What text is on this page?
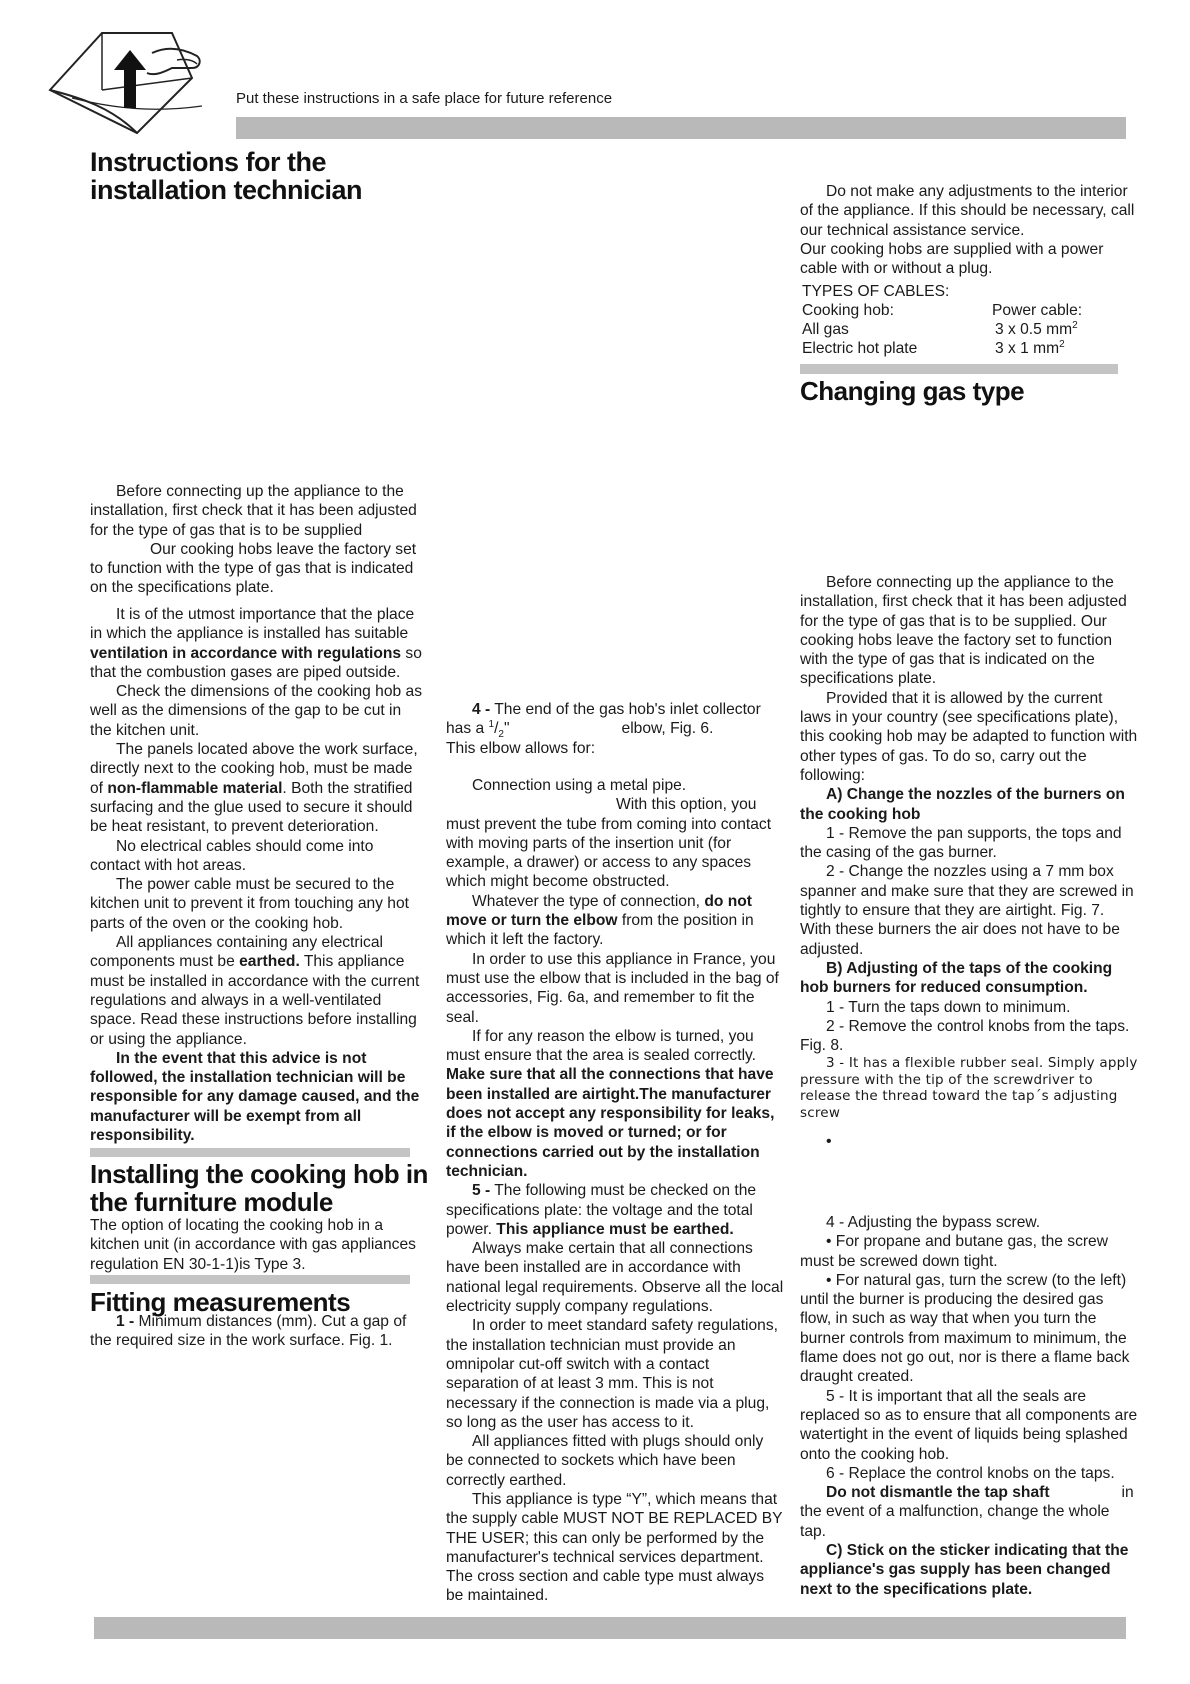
Put these instructions in a safe place for future reference
Instructions for the
installation technician

Before connecting up the appliance to the installation, first check that it has been adjusted for the type of gas that is to be supplied

Our cooking hobs leave the factory set to function with the type of gas that is indicated on the specifications plate.

It is of the utmost importance that the place in which the appliance is installed has suitable ventilation in accordance with regulations so that the combustion gases are piped outside.

Check the dimensions of the cooking hob as well as the dimensions of the gap to be cut in the kitchen unit.

The panels located above the work surface, directly next to the cooking hob, must be made of non-flammable material. Both the stratified surfacing and the glue used to secure it should be heat resistant, to prevent deterioration.

No electrical cables should come into contact with hot areas.

The power cable must be secured to the kitchen unit to prevent it from touching any hot parts of the oven or the cooking hob.

All appliances containing any electrical components must be earthed. This appliance must be installed in accordance with the current regulations and always in a well-ventilated space. Read these instructions before installing or using the appliance.

In the event that this advice is not followed, the installation technician will be responsible for any damage caused, and the manufacturer will be exempt from all responsibility.

Installing the cooking hob in
the furniture module

The option of locating the cooking hob in a kitchen unit (in accordance with gas appliances regulation EN 30-1-1)is Type 3.

Fitting measurements

1 - Minimum distances (mm). Cut a gap of the required size in the work surface. Fig. 1.

4 - The end of the gas hob's inlet collector

has a $^1/_2$"	elbow, Fig. 6.

This elbow allows for:

Connection using a metal pipe.

With this option, you

must prevent the tube from coming into contact with moving parts of the insertion unit (for example, a drawer) or access to any spaces which might become obstructed.

Whatever the type of connection, do not move or turn the elbow from the position in which it left the factory.

In order to use this appliance in France, you must use the elbow that is included in the bag of accessories, Fig. 6a, and remember to fit the seal.

If for any reason the elbow is turned, you must ensure that the area is sealed correctly.

Make sure that all the connections that have been installed are airtight.The manufacturer does not accept any responsibility for leaks, if the elbow is moved or turned; or for connections carried out by the installation technician.

5 - The following must be checked on the specifications plate: the voltage and the total power. This appliance must be earthed.

Always make certain that all connections have been installed are in accordance with national legal requirements. Observe all the local electricity supply company regulations.

In order to meet standard safety regulations, the installation technician must provide an omnipolar cut-off switch with a contact separation of at least 3 mm. This is not necessary if the connection is made via a plug, so long as the user has access to it.

All appliances fitted with plugs should only be connected to sockets which have been correctly earthed.

This appliance is type “Y”, which means that the supply cable MUST NOT BE REPLACED BY THE USER; this can only be performed by the manufacturer's technical services department. The cross section and cable type must always be maintained.

Do not make any adjustments to the interior of the appliance. If this should be necessary, call our technical assistance service.

Our cooking hobs are supplied with a power cable with or without a plug.

TYPES OF CABLES:
Cooking hob:	Power cable:
All gas	3 x 0.5 $mm^2$
Electric hot plate	3 x 1 $mm^2$
Changing gas type

Before connecting up the appliance to the installation, first check that it has been adjusted for the type of gas that is to be supplied. Our cooking hobs leave the factory set to function with the type of gas that is indicated on the specifications plate.

Provided that it is allowed by the current laws in your country (see specifications plate), this cooking hob may be adapted to function with other types of gas. To do so, carry out the following:

A) Change the nozzles of the burners on the cooking hob

1 - Remove the pan supports, the tops and the casing of the gas burner.

2 - Change the nozzles using a 7 mm box spanner and make sure that they are screwed in tightly to ensure that they are airtight. Fig. 7. With these burners the air does not have to be adjusted.

B) Adjusting of the taps of the cooking hob burners for reduced consumption.

1 - Turn the taps down to minimum.

2 - Remove the control knobs from the taps. Fig. 8.

3 - It has a flexible rubber seal. Simply apply pressure with the tip of the screwdriver to release the thread toward the tap´s adjusting screw

•

4 - Adjusting the bypass screw.

• For propane and butane gas, the screw must be screwed down tight.

• For natural gas, turn the screw (to the left) until the burner is producing the desired gas flow, in such as way that when you turn the burner controls from maximum to minimum, the flame does not go out, nor is there a flame back draught created.

5 - It is important that all the seals are replaced so as to ensure that all components are watertight in the event of liquids being splashed onto the cooking hob.

6 - Replace the control knobs on the taps.

Do not dismantle the tap shaft	in the event of a malfunction, change the whole tap.

C) Stick on the sticker indicating that the appliance's gas supply has been changed next to the specifications plate.
